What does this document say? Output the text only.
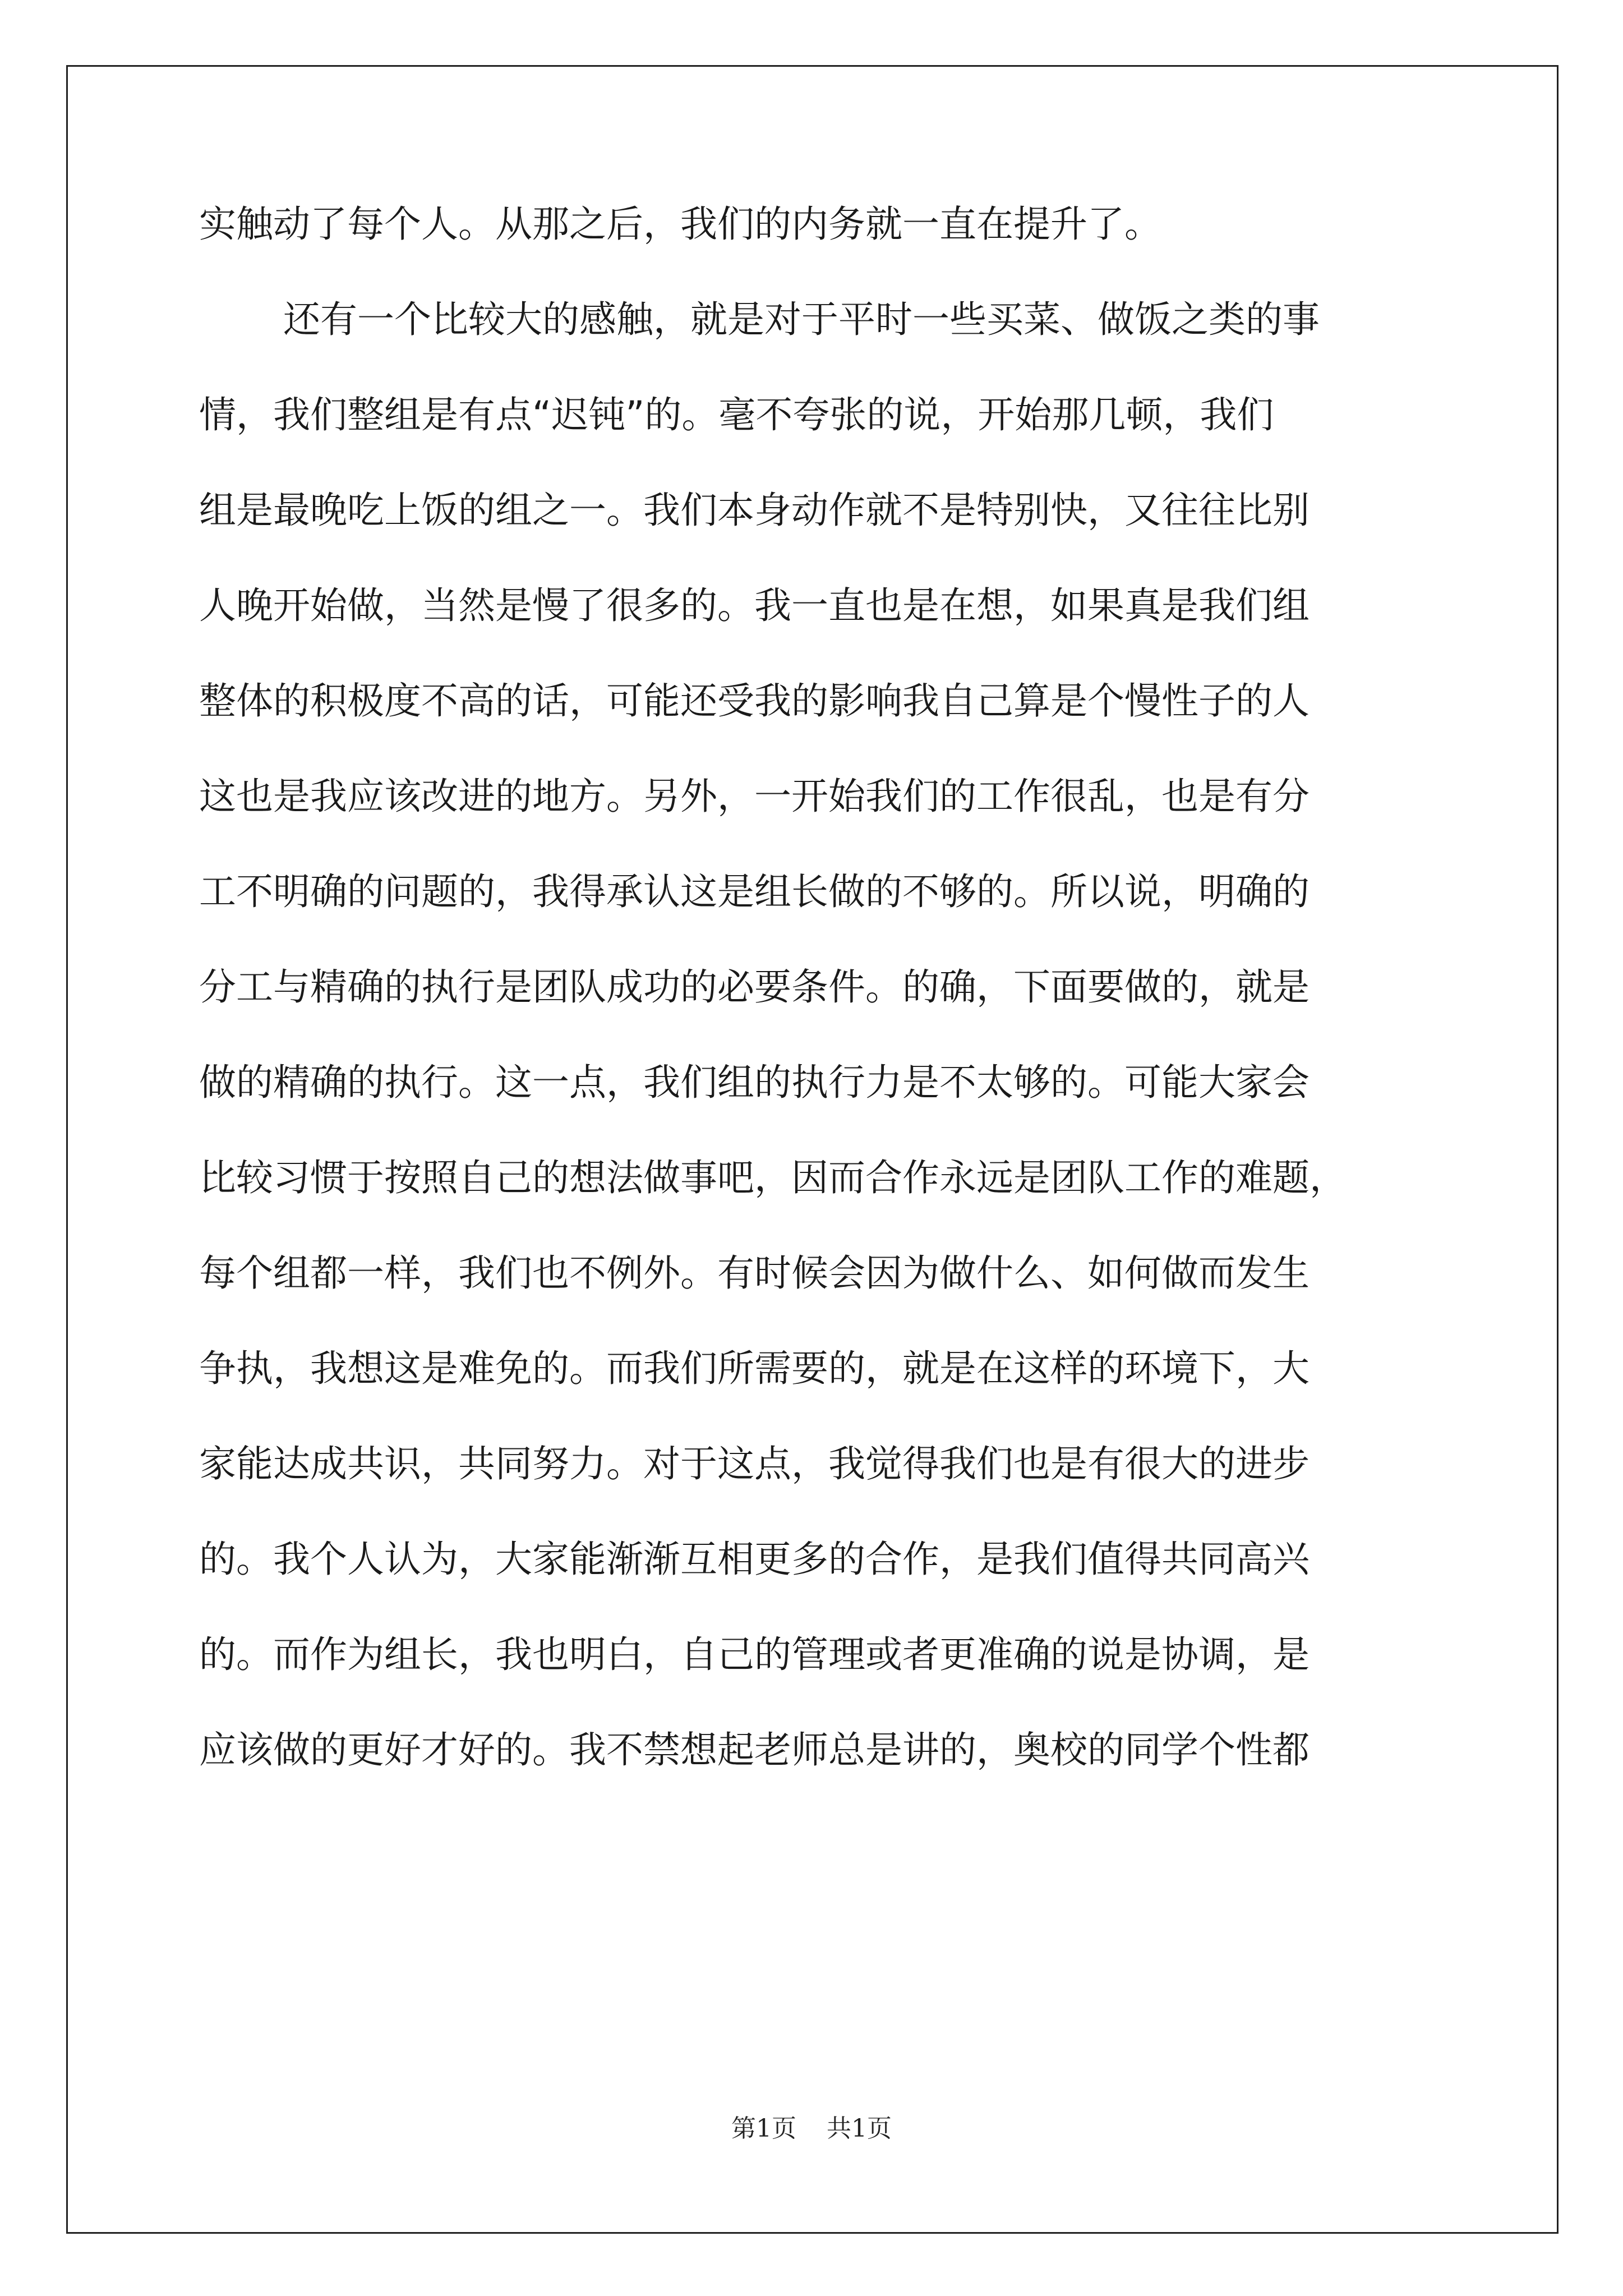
实触动了每个人。从那之后，我们的内务就一直在提升了。
还有一个比较大的感触，就是对于平时一些买菜、做饭之类的事
情，我们整组是有点“迟钝”的。毫不夸张的说，开始那几顿，我们
组是最晚吃上饭的组之一。我们本身动作就不是特别快，又往往比别
人晚开始做，当然是慢了很多的。我一直也是在想，如果真是我们组
整体的积极度不高的话，可能还受我的影响我自己算是个慢性子的人
这也是我应该改进的地方。另外，一开始我们的工作很乱，也是有分
工不明确的问题的，我得承认这是组长做的不够的。所以说，明确的
分工与精确的执行是团队成功的必要条件。的确，下面要做的，就是
做的精确的执行。这一点，我们组的执行力是不太够的。可能大家会
比较习惯于按照自己的想法做事吧，因而合作永远是团队工作的难题，
每个组都一样，我们也不例外。有时候会因为做什么、如何做而发生
争执，我想这是难免的。而我们所需要的，就是在这样的环境下，大
家能达成共识，共同努力。对于这点，我觉得我们也是有很大的进步
的。我个人认为，大家能渐渐互相更多的合作，是我们值得共同高兴
的。而作为组长，我也明白，自己的管理或者更准确的说是协调，是
应该做的更好才好的。我不禁想起老师总是讲的，奥校的同学个性都

第1页 共1页
